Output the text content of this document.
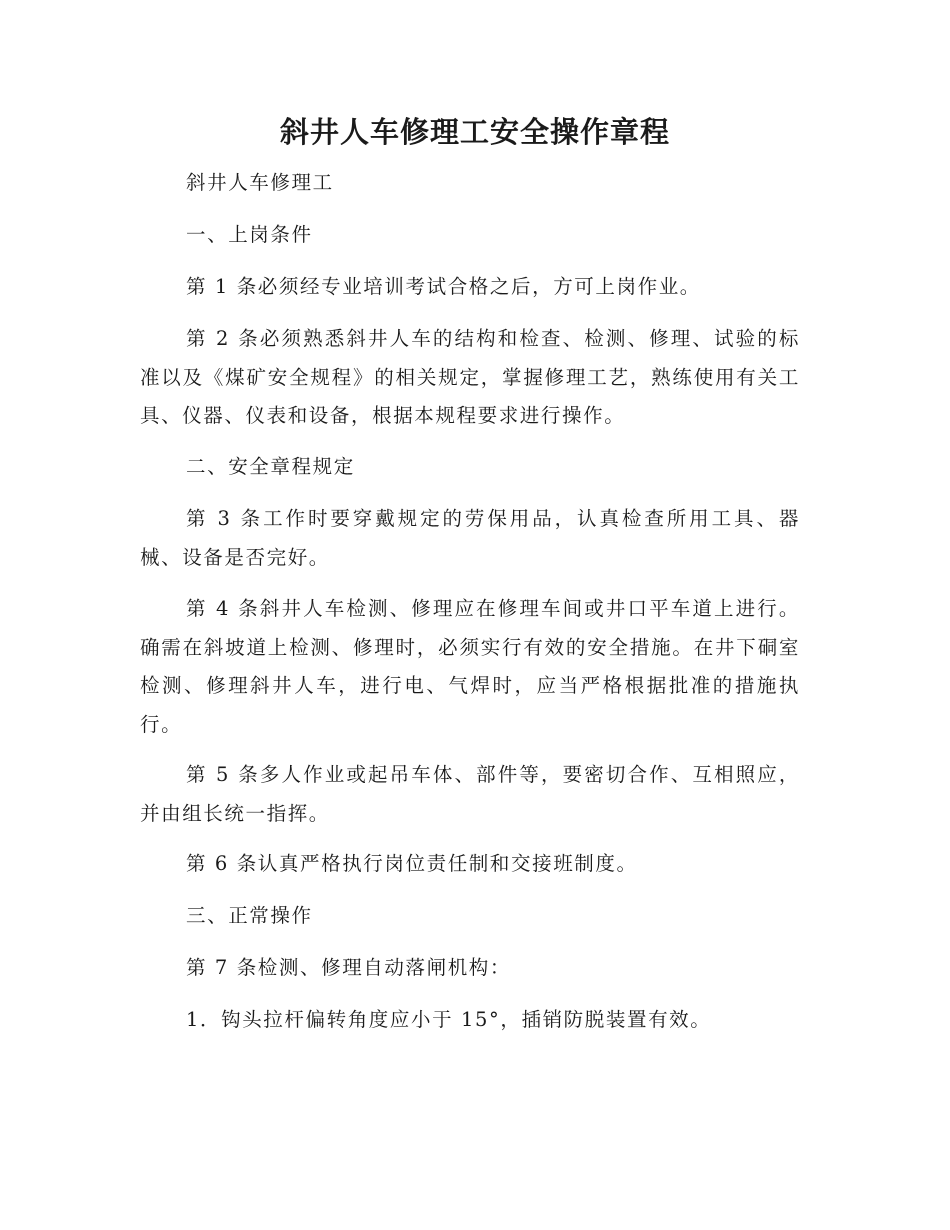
斜井人车修理工安全操作章程

斜井人车修理工

一、上岗条件

第 1 条必须经专业培训考试合格之后，方可上岗作业。

第 2 条必须熟悉斜井人车的结构和检查、检测、修理、试验的标准以及《煤矿安全规程》的相关规定，掌握修理工艺，熟练使用有关工具、仪器、仪表和设备，根据本规程要求进行操作。

二、安全章程规定

第 3 条工作时要穿戴规定的劳保用品，认真检查所用工具、器械、设备是否完好。

第 4 条斜井人车检测、修理应在修理车间或井口平车道上进行。确需在斜坡道上检测、修理时，必须实行有效的安全措施。在井下硐室检测、修理斜井人车，进行电、气焊时，应当严格根据批准的措施执行。

第 5 条多人作业或起吊车体、部件等，要密切合作、互相照应，并由组长统一指挥。

第 6 条认真严格执行岗位责任制和交接班制度。

三、正常操作

第 7 条检测、修理自动落闸机构：

1．钩头拉杆偏转角度应小于 15°，插销防脱装置有效。
